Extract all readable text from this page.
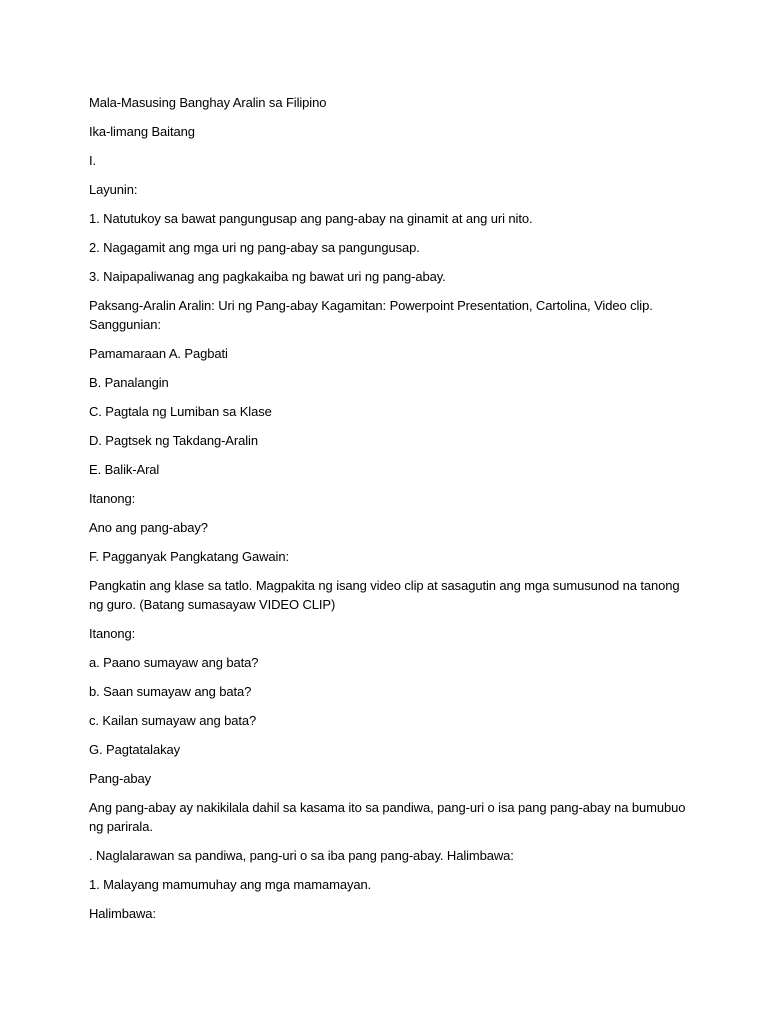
Mala-Masusing Banghay Aralin sa Filipino

Ika-limang Baitang

I.

Layunin:

1. Natutukoy sa bawat pangungusap ang pang-abay na ginamit at ang uri nito.

2. Nagagamit ang mga uri ng pang-abay sa pangungusap.

3. Naipapaliwanag ang pagkakaiba ng bawat uri ng pang-abay.

Paksang-Aralin Aralin: Uri ng Pang-abay Kagamitan: Powerpoint Presentation, Cartolina, Video clip. Sanggunian:

Pamamaraan A. Pagbati

B. Panalangin

C. Pagtala ng Lumiban sa Klase

D. Pagtsek ng Takdang-Aralin

E. Balik-Aral

Itanong:

Ano ang pang-abay?

F. Pagganyak Pangkatang Gawain:

Pangkatin ang klase sa tatlo. Magpakita ng isang video clip at sasagutin ang mga sumusunod na tanong ng guro. (Batang sumasayaw VIDEO CLIP)

Itanong:

a. Paano sumayaw ang bata?

b. Saan sumayaw ang bata?

c. Kailan sumayaw ang bata?

G. Pagtatalakay

Pang-abay

Ang pang-abay ay nakikilala dahil sa kasama ito sa pandiwa, pang-uri o isa pang pang-abay na bumubuo ng parirala.

. Naglalarawan sa pandiwa, pang-uri o sa iba pang pang-abay. Halimbawa:

1. Malayang mamumuhay ang mga mamamayan.

Halimbawa:
